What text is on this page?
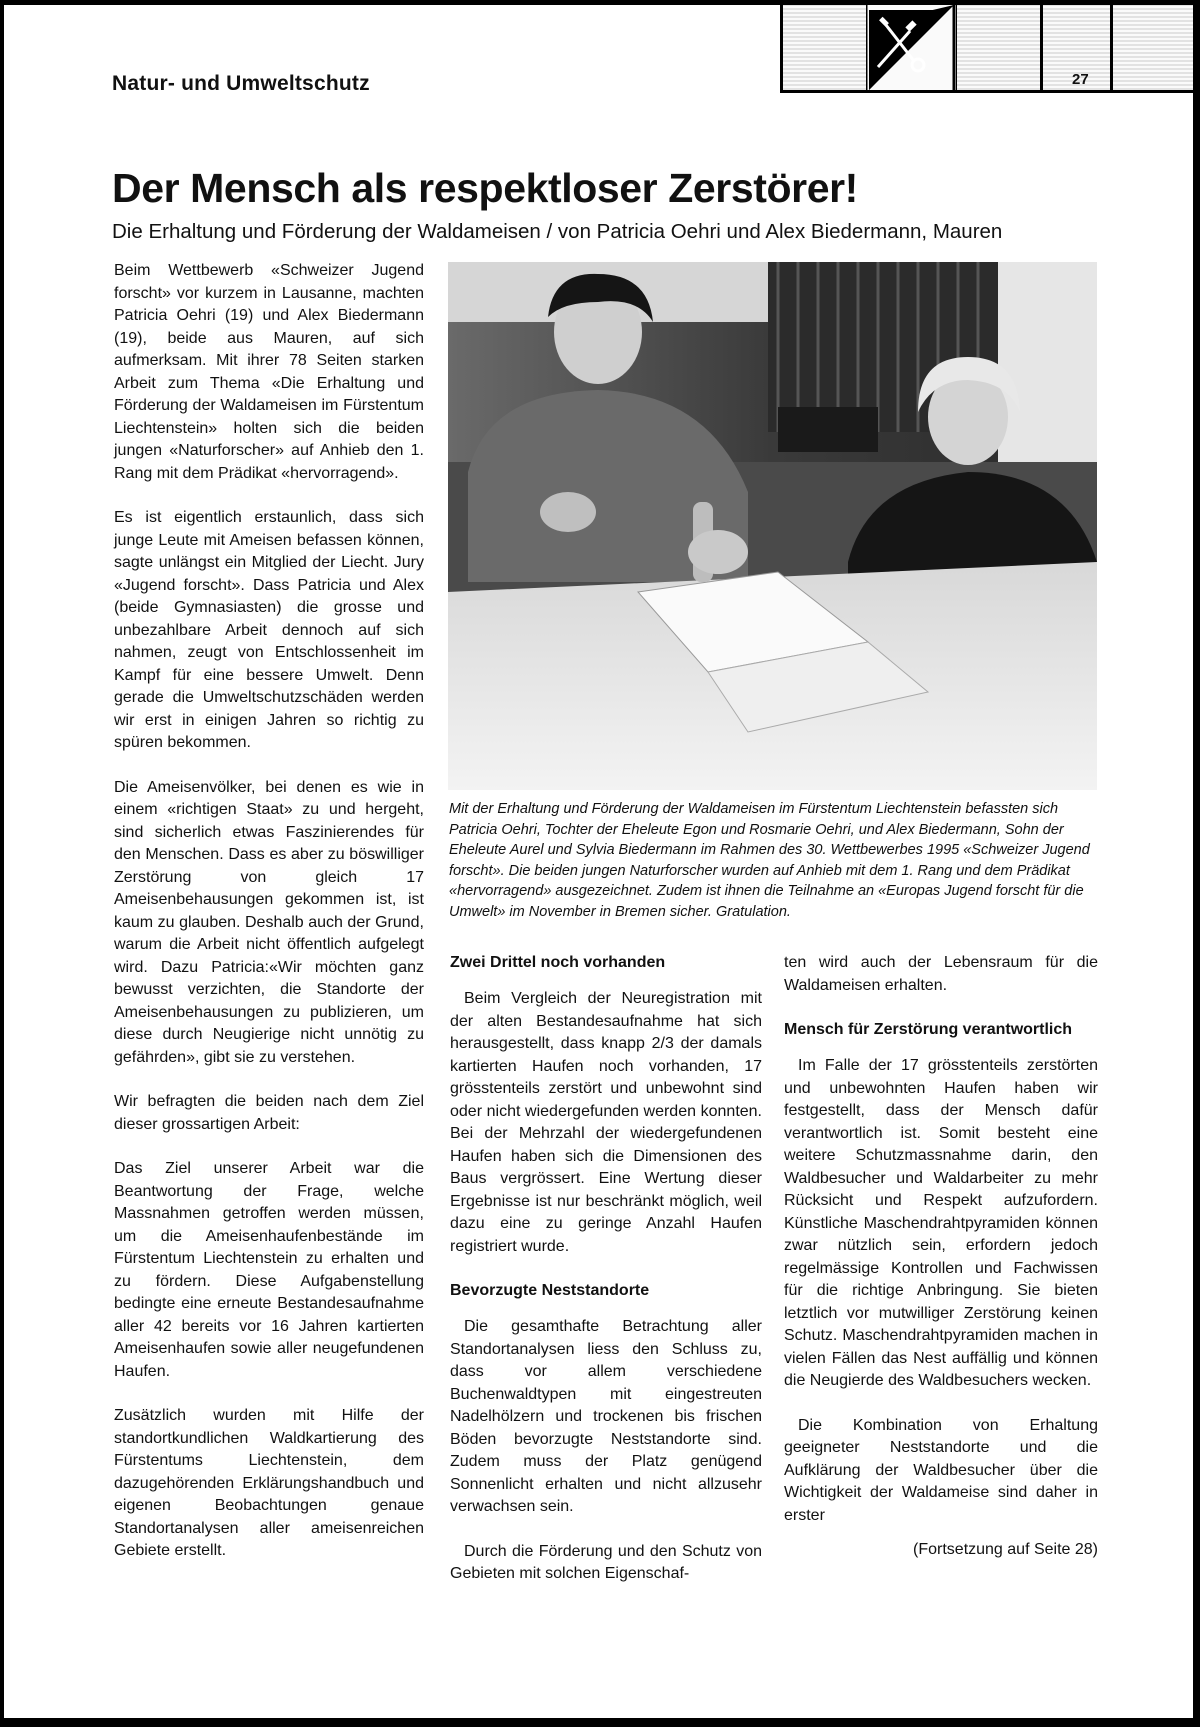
Natur- und Umweltschutz	27
Der Mensch als respektloser Zerstörer!

Die Erhaltung und Förderung der Waldameisen / von Patricia Oehri und Alex Biedermann, Mauren

Beim Wettbewerb «Schweizer Jugend forscht» vor kurzem in Lausanne, machten Patricia Oehri (19) und Alex Biedermann (19), beide aus Mauren, auf sich aufmerksam. Mit ihrer 78 Seiten starken Arbeit zum Thema «Die Erhaltung und Förderung der Waldameisen im Fürstentum Liechtenstein» holten sich die beiden jungen «Naturforscher» auf Anhieb den 1. Rang mit dem Prädikat «hervorragend».

Es ist eigentlich erstaunlich, dass sich junge Leute mit Ameisen befassen können, sagte unlängst ein Mitglied der Liecht. Jury «Jugend forscht». Dass Patricia und Alex (beide Gymnasiasten) die grosse und unbezahlbare Arbeit dennoch auf sich nahmen, zeugt von Entschlossenheit im Kampf für eine bessere Umwelt. Denn gerade die Umweltschutzschäden werden wir erst in einigen Jahren so richtig zu spüren bekommen.

Die Ameisenvölker, bei denen es wie in einem «richtigen Staat» zu und hergeht, sind sicherlich etwas Faszinierendes für den Menschen. Dass es aber zu böswilliger Zerstörung von gleich 17 Ameisenbehausungen gekommen ist, ist kaum zu glauben. Deshalb auch der Grund, warum die Arbeit nicht öffentlich aufgelegt wird. Dazu Patricia:«Wir möchten ganz bewusst verzichten, die Standorte der Ameisenbehausungen zu publizieren, um diese durch Neugierige nicht unnötig zu gefährden», gibt sie zu verstehen.

Wir befragten die beiden nach dem Ziel dieser grossartigen Arbeit:

Das Ziel unserer Arbeit war die Beantwortung der Frage, welche Massnahmen getroffen werden müssen, um die Ameisenhaufenbestände im Fürstentum Liechtenstein zu erhalten und zu fördern. Diese Aufgabenstellung bedingte eine erneute Bestandesaufnahme aller 42 bereits vor 16 Jahren kartierten Ameisenhaufen sowie aller neugefundenen Haufen.

Zusätzlich wurden mit Hilfe der standortkundlichen Waldkartierung des Fürstentums Liechtenstein, dem dazugehörenden Erklärungshandbuch und eigenen Beobachtungen genaue Standortanalysen aller ameisenreichen Gebiete erstellt.

Mit der Erhaltung und Förderung der Waldameisen im Fürstentum Liechtenstein befassten sich Patricia Oehri, Tochter der Eheleute Egon und Rosmarie Oehri, und Alex Biedermann, Sohn der Eheleute Aurel und Sylvia Biedermann im Rahmen des 30. Wettbewerbes 1995 «Schweizer Jugend forscht». Die beiden jungen Naturforscher wurden auf Anhieb mit dem 1. Rang und dem Prädikat «hervorragend» ausgezeichnet. Zudem ist ihnen die Teilnahme an «Europas Jugend forscht für die Umwelt» im November in Bremen sicher. Gratulation.
Zwei Drittel noch vorhanden

Beim Vergleich der Neuregistration mit der alten Bestandesaufnahme hat sich herausgestellt, dass knapp 2/3 der damals kartierten Haufen noch vorhanden, 17 grösstenteils zerstört und unbewohnt sind oder nicht wiedergefunden werden konnten. Bei der Mehrzahl der wiedergefundenen Haufen haben sich die Dimensionen des Baus vergrössert. Eine Wertung dieser Ergebnisse ist nur beschränkt möglich, weil dazu eine zu geringe Anzahl Haufen registriert wurde.

Bevorzugte Neststandorte

Die gesamthafte Betrachtung aller Standortanalysen liess den Schluss zu, dass vor allem verschiedene Buchenwaldtypen mit eingestreuten Nadelhölzern und trockenen bis frischen Böden bevorzugte Neststandorte sind. Zudem muss der Platz genügend Sonnenlicht erhalten und nicht allzusehr verwachsen sein.

Durch die Förderung und den Schutz von Gebieten mit solchen Eigenschaf-

ten wird auch der Lebensraum für die Waldameisen erhalten.

Mensch für Zerstörung verantwortlich

Im Falle der 17 grösstenteils zerstörten und unbewohnten Haufen haben wir festgestellt, dass der Mensch dafür verantwortlich ist. Somit besteht eine weitere Schutzmassnahme darin, den Waldbesucher und Waldarbeiter zu mehr Rücksicht und Respekt aufzufordern. Künstliche Maschendrahtpyramiden können zwar nützlich sein, erfordern jedoch regelmässige Kontrollen und Fachwissen für die richtige Anbringung. Sie bieten letztlich vor mutwilliger Zerstörung keinen Schutz. Maschendrahtpyramiden machen in vielen Fällen das Nest auffällig und können die Neugierde des Waldbesuchers wecken.

Die Kombination von Erhaltung geeigneter Neststandorte und die Aufklärung der Waldbesucher über die Wichtigkeit der Waldameise sind daher in erster

(Fortsetzung auf Seite 28)
